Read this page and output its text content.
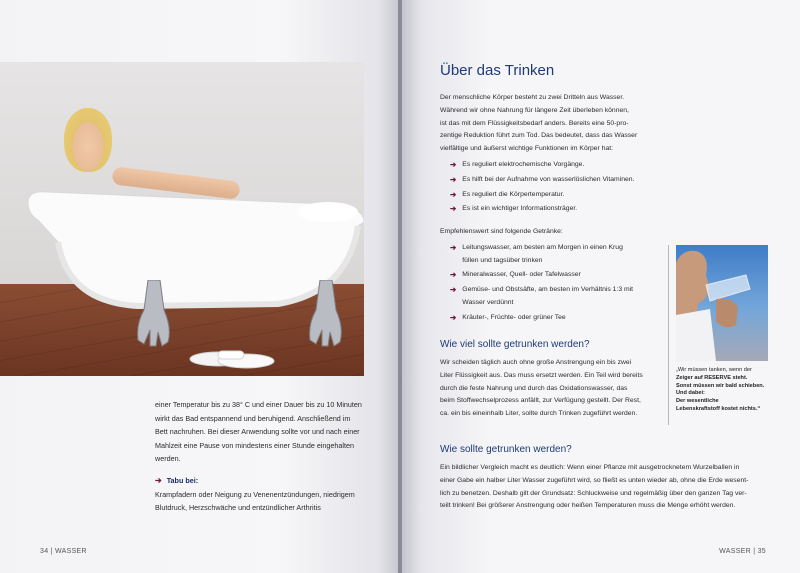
einer Temperatur bis zu 38° C und einer Dauer bis zu 10 Minuten

wirkt das Bad entspannend und beruhigend. Anschließend im

Bett nachruhen. Bei dieser Anwendung sollte vor und nach einer

Mahlzeit eine Pause von mindestens einer Stunde eingehalten

werden.

➔ Tabu bei:

Krampfadern oder Neigung zu Venenentzündungen, niedrigem

Blutdruck, Herzschwäche und entzündlicher Arthritis

34 | WASSER
Über das Trinken

Der menschliche Körper besteht zu zwei Dritteln aus Wasser.

Während wir ohne Nahrung für längere Zeit überleben können,

ist das mit dem Flüssigkeitsbedarf anders. Bereits eine 50-pro-

zentige Reduktion führt zum Tod. Das bedeutet, dass das Wasser

vielfältige und äußerst wichtige Funktionen im Körper hat:

➔ Es reguliert elektrochemische Vorgänge.
➔ Es hilft bei der Aufnahme von wasserlöslichen Vitaminen.
➔ Es reguliert die Körpertemperatur.
➔ Es ist ein wichtiger Informationsträger.

Empfehlenswert sind folgende Getränke:

➔ Leitungswasser, am besten am Morgen in einen Krug
füllen und tagsüber trinken
➔ Mineralwasser, Quell- oder Tafelwasser
➔ Gemüse- und Obstsäfte, am besten im Verhältnis 1:3 mit
Wasser verdünnt
➔ Kräuter-, Früchte- oder grüner Tee

„Wir müssen tanken, wenn der

Zeiger auf RESERVE steht.

Sonst müssen wir bald schieben.

Und dabei:

Der wesentliche

Lebenskraftstoff kostet nichts.“

Wie viel sollte getrunken werden?

Wir scheiden täglich auch ohne große Anstrengung ein bis zwei

Liter Flüssigkeit aus. Das muss ersetzt werden. Ein Teil wird bereits

durch die feste Nahrung und durch das Oxidationswasser, das

beim Stoffwechselprozess anfällt, zur Verfügung gestellt. Der Rest,

ca. ein bis eineinhalb Liter, sollte durch Trinken zugeführt werden.

Wie sollte getrunken werden?

Ein bildlicher Vergleich macht es deutlich: Wenn einer Pflanze mit ausgetrocknetem Wurzelballen in

einer Gabe ein halber Liter Wasser zugeführt wird, so fließt es unten wieder ab, ohne die Erde wesent-

lich zu benetzen. Deshalb gilt der Grundsatz: Schluckweise und regelmäßig über den ganzen Tag ver-

teilt trinken! Bei größerer Anstrengung oder heißen Temperaturen muss die Menge erhöht werden.

WASSER | 35
